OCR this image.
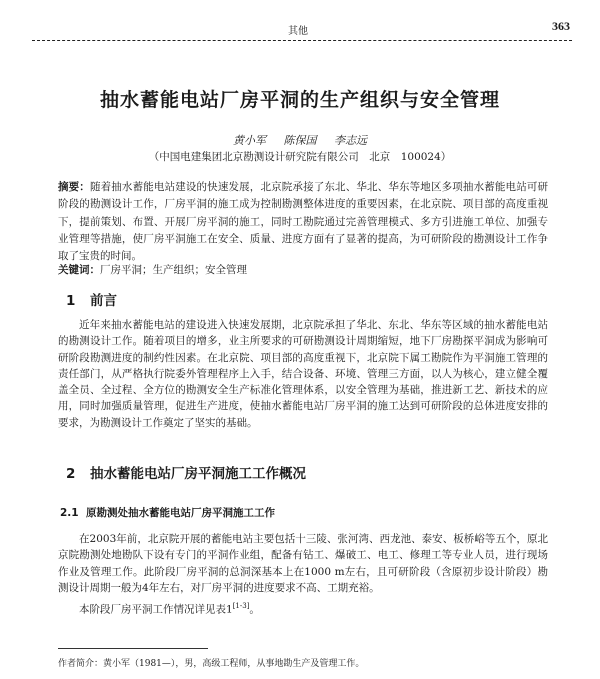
其他	363
抽水蓄能电站厂房平洞的生产组织与安全管理
黄小军 陈保国 李志远
（中国电建集团北京勘测设计研究院有限公司　北京　100024）
摘要：随着抽水蓄能电站建设的快速发展，北京院承接了东北、华北、华东等地区多项抽水蓄能电站可研阶段的勘测设计工作，厂房平洞的施工成为控制勘测整体进度的重要因素，在北京院、项目部的高度重视下，提前策划、布置、开展厂房平洞的施工，同时工勘院通过完善管理模式、多方引进施工单位、加强专业管理等措施，使厂房平洞施工在安全、质量、进度方面有了显著的提高，为可研阶段的勘测设计工作争取了宝贵的时间。
关键词：厂房平洞；生产组织；安全管理
1 前言
近年来抽水蓄能电站的建设进入快速发展期，北京院承担了华北、东北、华东等区域的抽水蓄能电站的勘测设计工作。随着项目的增多，业主所要求的可研勘测设计周期缩短，地下厂房勘探平洞成为影响可研阶段勘测进度的制约性因素。在北京院、项目部的高度重视下，北京院下属工勘院作为平洞施工管理的责任部门，从严格执行院委外管理程序上入手，结合设备、环境、管理三方面，以人为核心，建立健全覆盖全员、全过程、全方位的勘测安全生产标准化管理体系，以安全管理为基础，推进新工艺、新技术的应用，同时加强质量管理，促进生产进度，使抽水蓄能电站厂房平洞的施工达到可研阶段的总体进度安排的要求，为勘测设计工作奠定了坚实的基础。
2 抽水蓄能电站厂房平洞施工工作概况
2.1 原勘测处抽水蓄能电站厂房平洞施工工作
在2003年前，北京院开展的蓄能电站主要包括十三陵、张河湾、西龙池、泰安、板桥峪等五个，原北京院勘测处地勘队下设有专门的平洞作业组，配备有钻工、爆破工、电工、修理工等专业人员，进行现场作业及管理工作。此阶段厂房平洞的总洞深基本上在1000 m左右，且可研阶段（含原初步设计阶段）勘测设计周期一般为4年左右，对厂房平洞的进度要求不高、工期充裕。
本阶段厂房平洞工作情况详见表1[1-3]。
作者简介：黄小军（1981—），男，高级工程师，从事地勘生产及管理工作。
